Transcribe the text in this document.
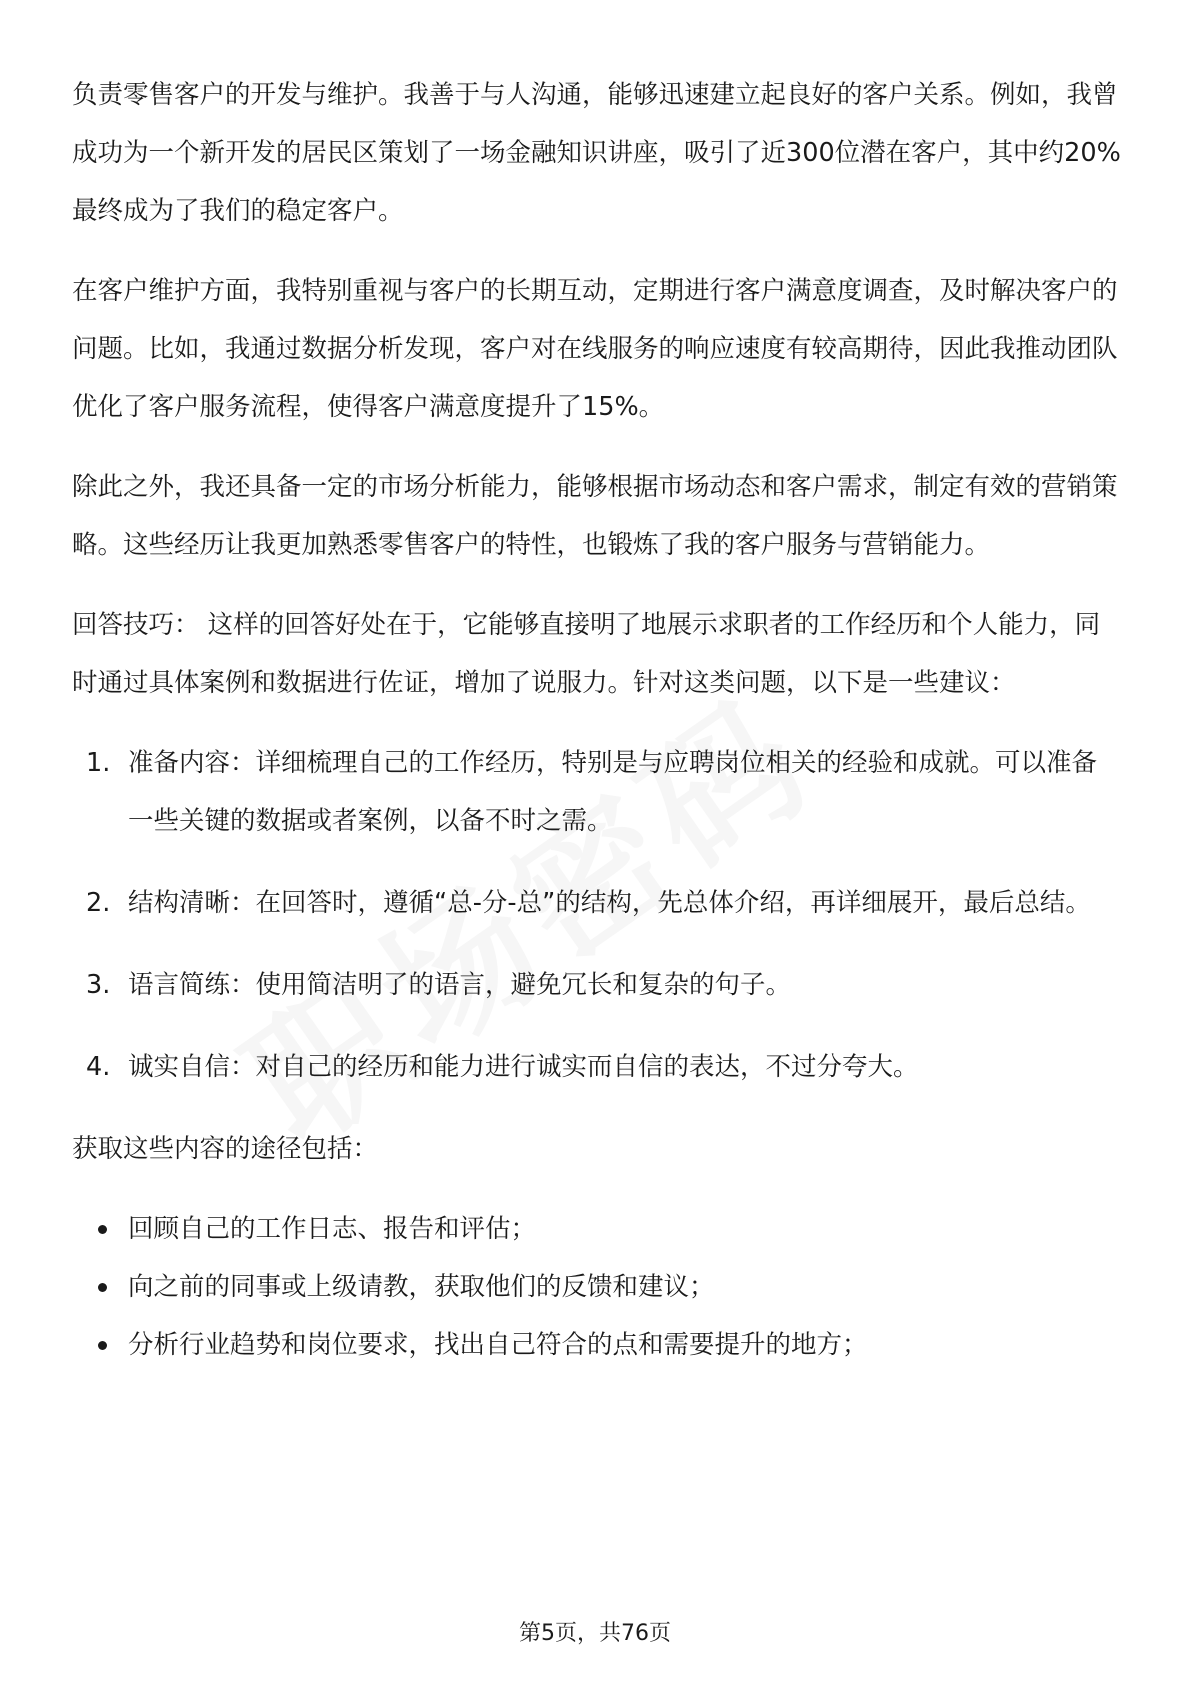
负责零售客户的开发与维护。我善于与人沟通，能够迅速建立起良好的客户关系。例如，我曾成功为一个新开发的居民区策划了一场金融知识讲座，吸引了近300位潜在客户，其中约20%最终成为了我们的稳定客户。

在客户维护方面，我特别重视与客户的长期互动，定期进行客户满意度调查，及时解决客户的问题。比如，我通过数据分析发现，客户对在线服务的响应速度有较高期待，因此我推动团队优化了客户服务流程，使得客户满意度提升了15%。

除此之外，我还具备一定的市场分析能力，能够根据市场动态和客户需求，制定有效的营销策略。这些经历让我更加熟悉零售客户的特性，也锻炼了我的客户服务与营销能力。

回答技巧： 这样的回答好处在于，它能够直接明了地展示求职者的工作经历和个人能力，同时通过具体案例和数据进行佐证，增加了说服力。针对这类问题，以下是一些建议：

1. 准备内容：详细梳理自己的工作经历，特别是与应聘岗位相关的经验和成就。可以准备一些关键的数据或者案例，以备不时之需。
2. 结构清晰：在回答时，遵循“总-分-总”的结构，先总体介绍，再详细展开，最后总结。
3. 语言简练：使用简洁明了的语言，避免冗长和复杂的句子。
4. 诚实自信：对自己的经历和能力进行诚实而自信的表达，不过分夸大。

获取这些内容的途径包括：

回顾自己的工作日志、报告和评估；
向之前的同事或上级请教，获取他们的反馈和建议；
分析行业趋势和岗位要求，找出自己符合的点和需要提升的地方；
第5页，共76页
